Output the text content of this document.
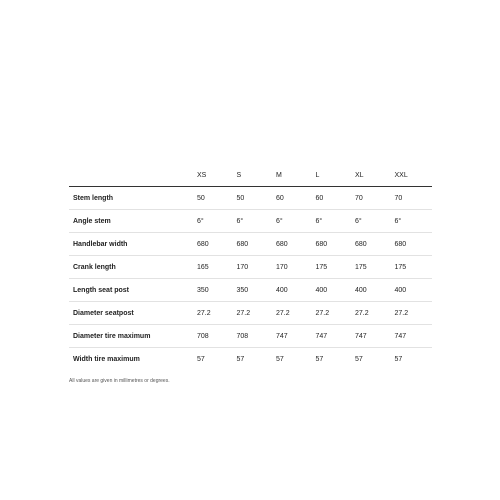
	XS	S	M	L	XL	XXL
Stem length	50	50	60	60	70	70
Angle stem	6°	6°	6°	6°	6°	6°
Handlebar width	680	680	680	680	680	680
Crank length	165	170	170	175	175	175
Length seat post	350	350	400	400	400	400
Diameter seatpost	27.2	27.2	27.2	27.2	27.2	27.2
Diameter tire maximum	708	708	747	747	747	747
Width tire maximum	57	57	57	57	57	57
All values are given in millimetres or degrees.
